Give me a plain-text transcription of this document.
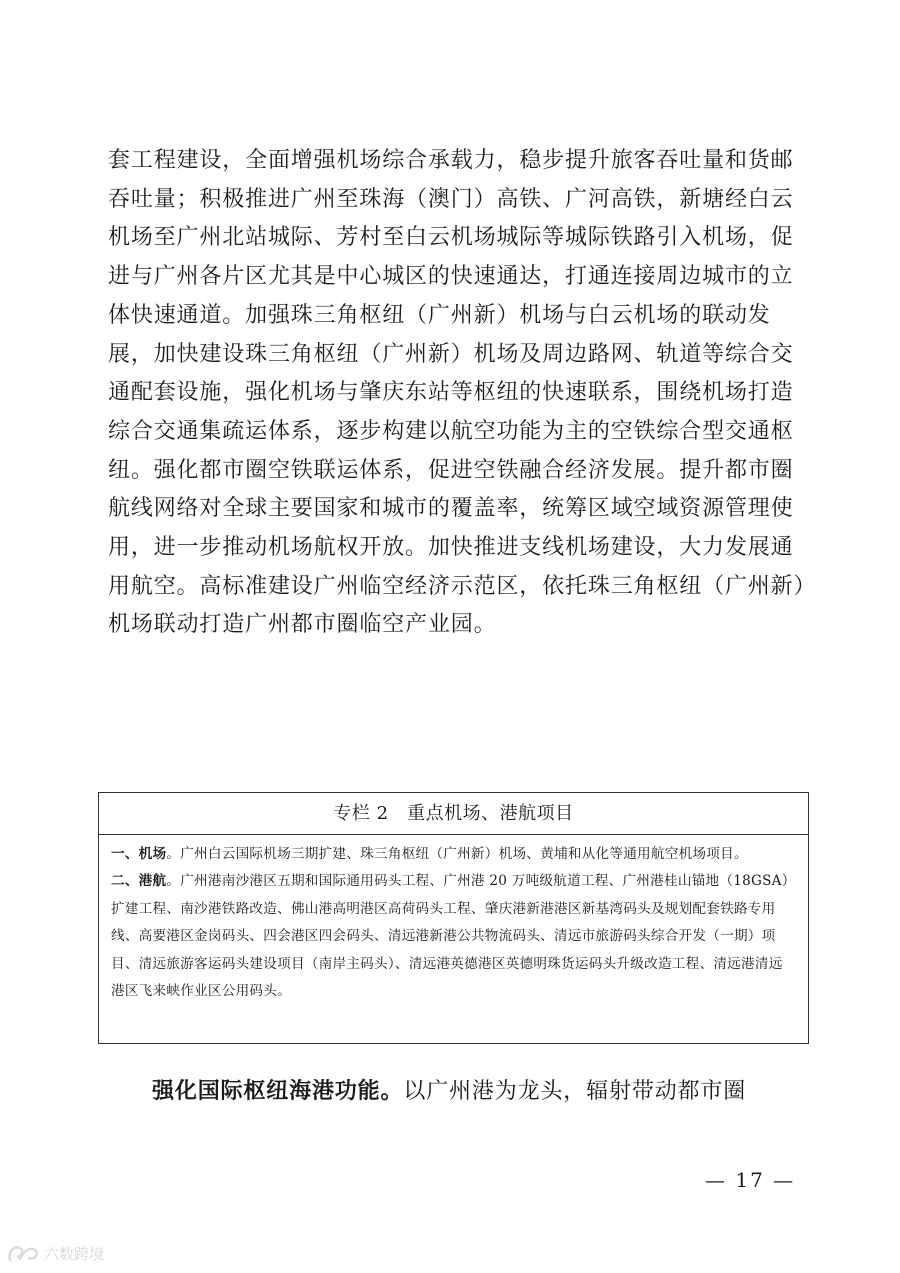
套工程建设，全面增强机场综合承载力，稳步提升旅客吞吐量和货邮吞吐量；积极推进广州至珠海（澳门）高铁、广河高铁，新塘经白云机场至广州北站城际、芳村至白云机场城际等城际铁路引入机场，促进与广州各片区尤其是中心城区的快速通达，打通连接周边城市的立体快速通道。加强珠三角枢纽（广州新）机场与白云机场的联动发展，加快建设珠三角枢纽（广州新）机场及周边路网、轨道等综合交通配套设施，强化机场与肇庆东站等枢纽的快速联系，围绕机场打造综合交通集疏运体系，逐步构建以航空功能为主的空铁综合型交通枢纽。强化都市圈空铁联运体系，促进空铁融合经济发展。提升都市圈航线网络对全球主要国家和城市的覆盖率，统筹区域空域资源管理使用，进一步推动机场航权开放。加快推进支线机场建设，大力发展通用航空。高标准建设广州临空经济示范区，依托珠三角枢纽（广州新）机场联动打造广州都市圈临空产业园。

专栏 2　重点机场、港航项目

一、机场。广州白云国际机场三期扩建、珠三角枢纽（广州新）机场、黄埔和从化等通用航空机场项目。

二、港航。广州港南沙港区五期和国际通用码头工程、广州港 20 万吨级航道工程、广州港桂山锚地（18GSA）扩建工程、南沙港铁路改造、佛山港高明港区高荷码头工程、肇庆港新港港区新基湾码头及规划配套铁路专用线、高要港区金岗码头、四会港区四会码头、清远港新港公共物流码头、清远市旅游码头综合开发（一期）项目、清远旅游客运码头建设项目（南岸主码头）、清远港英德港区英德明珠货运码头升级改造工程、清远港清远港区飞来峡作业区公用码头。

强化国际枢纽海港功能。以广州港为龙头，辐射带动都市圈

— 17 —
六数跨境
